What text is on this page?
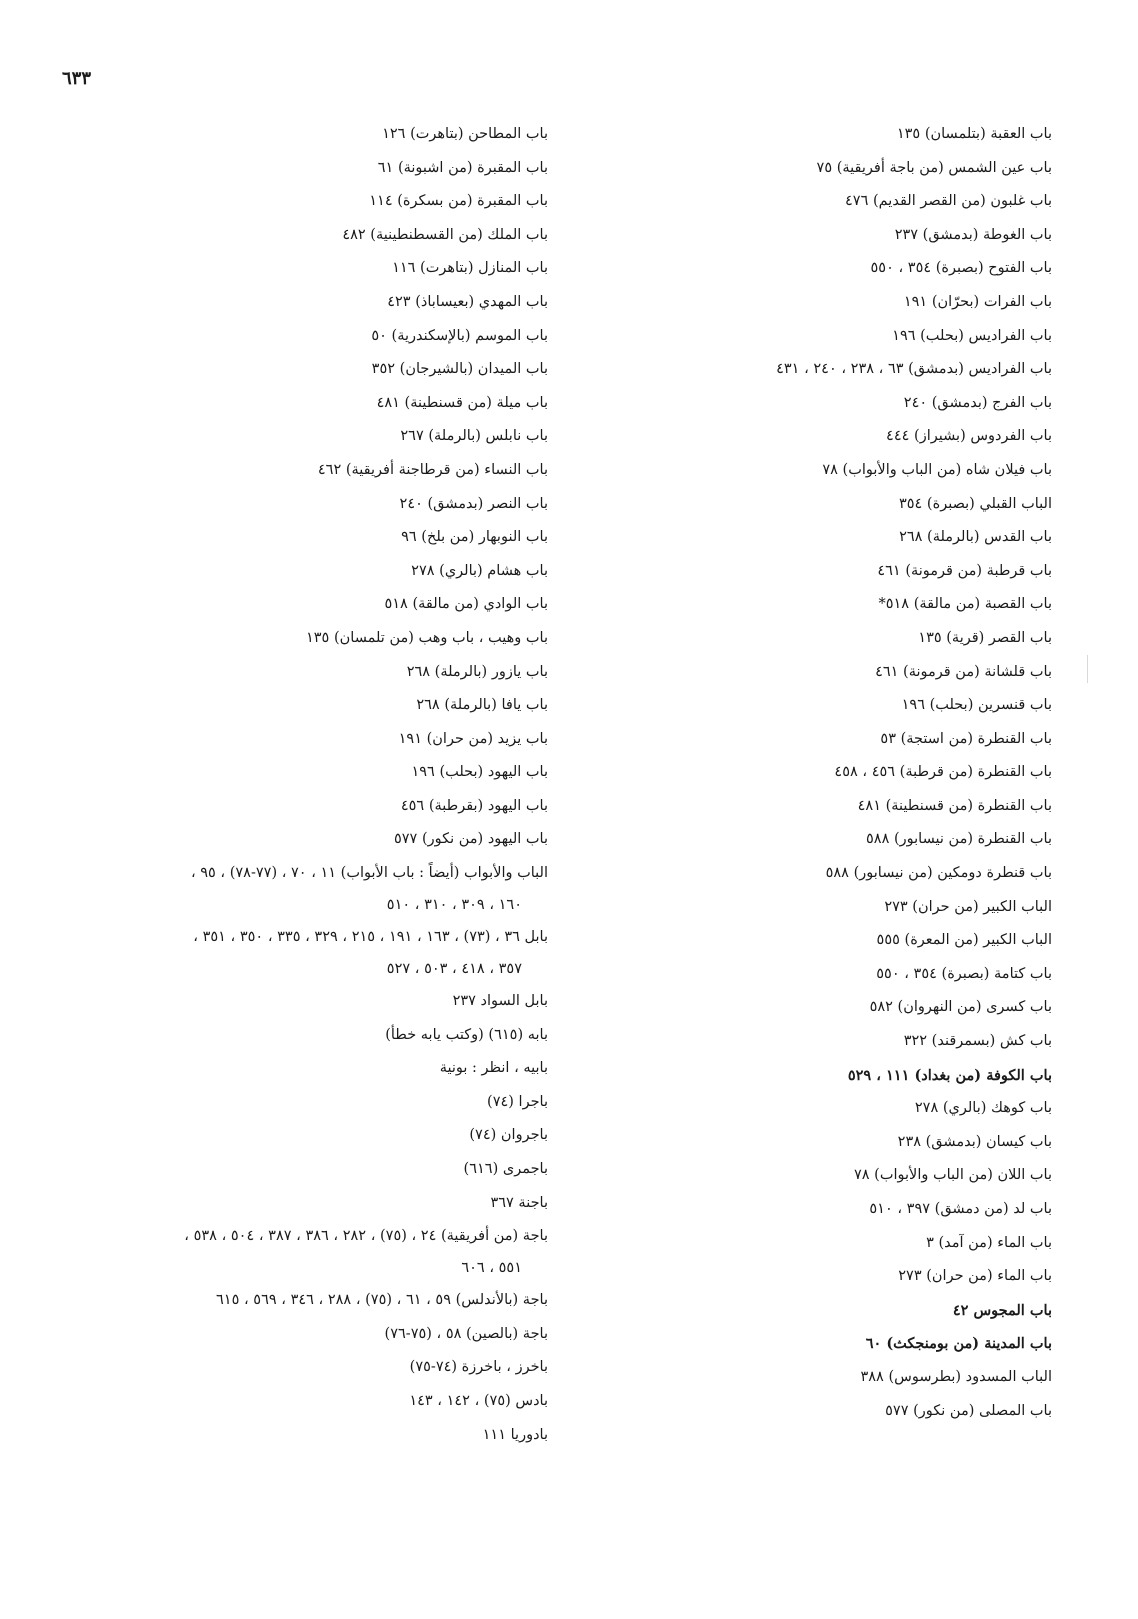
٦٣٣
باب العقبة (بتلمسان) ١٣٥
باب عين الشمس (من باجة أفريقية) ٧٥
باب غلبون (من القصر القديم) ٤٧٦
باب الغوطة (بدمشق) ٢٣٧
باب الفتوح (بصبرة) ٣٥٤ ، ٥٥٠
باب الفرات (بحرّان) ١٩١
باب الفراديس (بحلب) ١٩٦
باب الفراديس (بدمشق) ٦٣ ، ٢٣٨ ، ٢٤٠ ، ٤٣١
باب الفرج (بدمشق) ٢٤٠
باب الفردوس (بشيراز) ٤٤٤
باب فيلان شاه (من الباب والأبواب) ٧٨
الباب القبلي (بصبرة) ٣٥٤
باب القدس (بالرملة) ٢٦٨
باب قرطبة (من قرمونة) ٤٦١
باب القصبة (من مالقة) ٥١٨*
باب القصر (قرية) ١٣٥
باب قلشانة (من قرمونة) ٤٦١
باب قنسرين (بحلب) ١٩٦
باب القنطرة (من استجة) ٥٣
باب القنطرة (من قرطبة) ٤٥٦ ، ٤٥٨
باب القنطرة (من قسنطينة) ٤٨١
باب القنطرة (من نيسابور) ٥٨٨
باب قنطرة دومكين (من نيسابور) ٥٨٨
الباب الكبير (من حران) ٢٧٣
الباب الكبير (من المعرة) ٥٥٥
باب كتامة (بصبرة) ٣٥٤ ، ٥٥٠
باب كسرى (من النهروان) ٥٨٢
باب كش (بسمرقند) ٣٢٢
باب الكوفة (من بغداد) ١١١ ، ٥٢٩
باب كوهك (بالري) ٢٧٨
باب كيسان (بدمشق) ٢٣٨
باب اللان (من الباب والأبواب) ٧٨
باب لد (من دمشق) ٣٩٧ ، ٥١٠
باب الماء (من آمد) ٣
باب الماء (من حران) ٢٧٣
باب المجوس ٤٢
باب المدينة (من بومنجكث) ٦٠
الباب المسدود (بطرسوس) ٣٨٨
باب المصلى (من نكور) ٥٧٧
باب المطاحن (بتاهرت) ١٢٦
باب المقبرة (من اشبونة) ٦١
باب المقبرة (من بسكرة) ١١٤
باب الملك (من القسطنطينية) ٤٨٢
باب المنازل (بتاهرت) ١١٦
باب المهدي (بعيساباذ) ٤٢٣
باب الموسم (بالإسكندرية) ٥٠
باب الميدان (بالشيرجان) ٣٥٢
باب ميلة (من قسنطينة) ٤٨١
باب نابلس (بالرملة) ٢٦٧
باب النساء (من قرطاجنة أفريقية) ٤٦٢
باب النصر (بدمشق) ٢٤٠
باب النوبهار (من بلخ) ٩٦
باب هشام (بالري) ٢٧٨
باب الوادي (من مالقة) ٥١٨
باب وهيب ، باب وهب (من تلمسان) ١٣٥
باب يازور (بالرملة) ٢٦٨
باب يافا (بالرملة) ٢٦٨
باب يزيد (من حران) ١٩١
باب اليهود (بحلب) ١٩٦
باب اليهود (بقرطبة) ٤٥٦
باب اليهود (من نكور) ٥٧٧
الباب والأبواب (أيضاً : باب الأبواب) ١١ ، ٧٠ ، (٧٧-٧٨) ، ٩٥ ،
١٦٠ ، ٣٠٩ ، ٣١٠ ، ٥١٠
بابل ٣٦ ، (٧٣) ، ١٦٣ ، ١٩١ ، ٢١٥ ، ٣٢٩ ، ٣٣٥ ، ٣٥٠ ، ٣٥١ ،
٣٥٧ ، ٤١٨ ، ٥٠٣ ، ٥٢٧
بابل السواد ٢٣٧
بابه (٦١٥) (وكتب يابه خطأ)
بابيه ، انظر : بونية
باجرا (٧٤)
باجروان (٧٤)
باجمرى (٦١٦)
باجنة ٣٦٧
باجة (من أفريقية) ٢٤ ، (٧٥) ، ٢٨٢ ، ٣٨٦ ، ٣٨٧ ، ٥٠٤ ، ٥٣٨ ،
٥٥١ ، ٦٠٦
باجة (بالأندلس) ٥٩ ، ٦١ ، (٧٥) ، ٢٨٨ ، ٣٤٦ ، ٥٦٩ ، ٦١٥
باجة (بالصين) ٥٨ ، (٧٥-٧٦)
باخرز ، باخرزة (٧٤-٧٥)
بادس (٧٥) ، ١٤٢ ، ١٤٣
بادوريا ١١١
